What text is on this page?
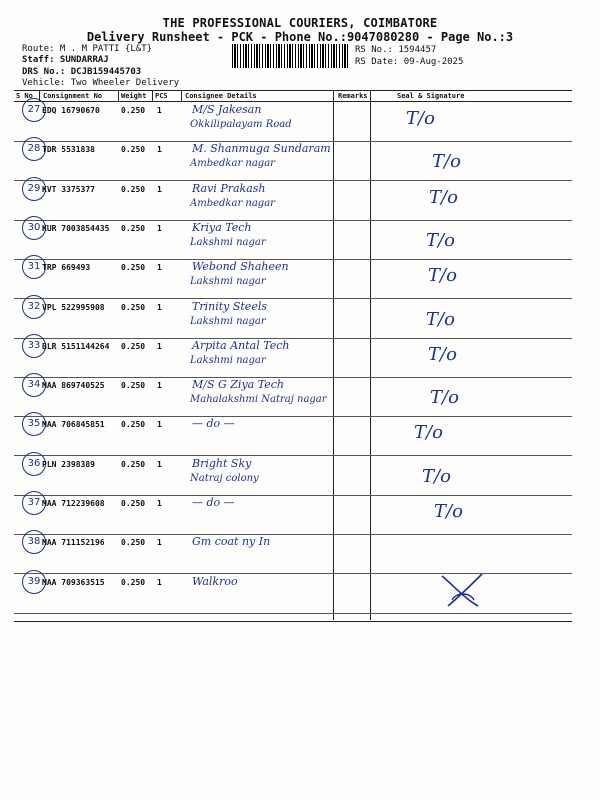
THE PROFESSIONAL COURIERS, COIMBATORE
Delivery Runsheet - PCK - Phone No.:9047080280 - Page No.:3
Route: M . M PATTI {L&T}
Staff: SUNDARRAJ
DRS No.: DCJB159445703
Vehicle: Two Wheeler Delivery
RS No.: 1594457
RS Date: 09-Aug-2025
S No Consignment No	Weight PCS Consignee Details	Remarks	Seal & Signature
27 EDQ 16790670	0.250 1	M/S Jakesan
Okkilipalayam Road	T/o
28 TDR 5531838	0.250 1	M. Shanmuga Sundaram
Ambedkar nagar	T/o
29 KVT 3375377	0.250 1	Ravi Prakash
Ambedkar nagar	T/o
30 KUR 7003854435 0.250 1	Kriya Tech
Lakshmi nagar	T/o
31 TRP 669493	0.250 1	Webond Shaheen
Lakshmi nagar	T/o
32 VPL 522995908 0.250 1	Trinity Steels
Lakshmi nagar	T/o
33 BLR 5151144264 0.250 1	Arpita Antal Tech
Lakshmi nagar	T/o
34 MAA 869740525 0.250 1	M/S G Ziya Tech
Mahalakshmi Natraj nagar	T/o
35 MAA 706845851 0.250 1	— do —	T/o
36 PLN 2398389	0.250 1	Bright Sky
Natraj colony	T/o
37 MAA 712239608 0.250 1	— do —	T/o
38 MAA 711152196 0.250 1	Gm coat ny In
39 MAA 709363515 0.250 1	Walkroo
